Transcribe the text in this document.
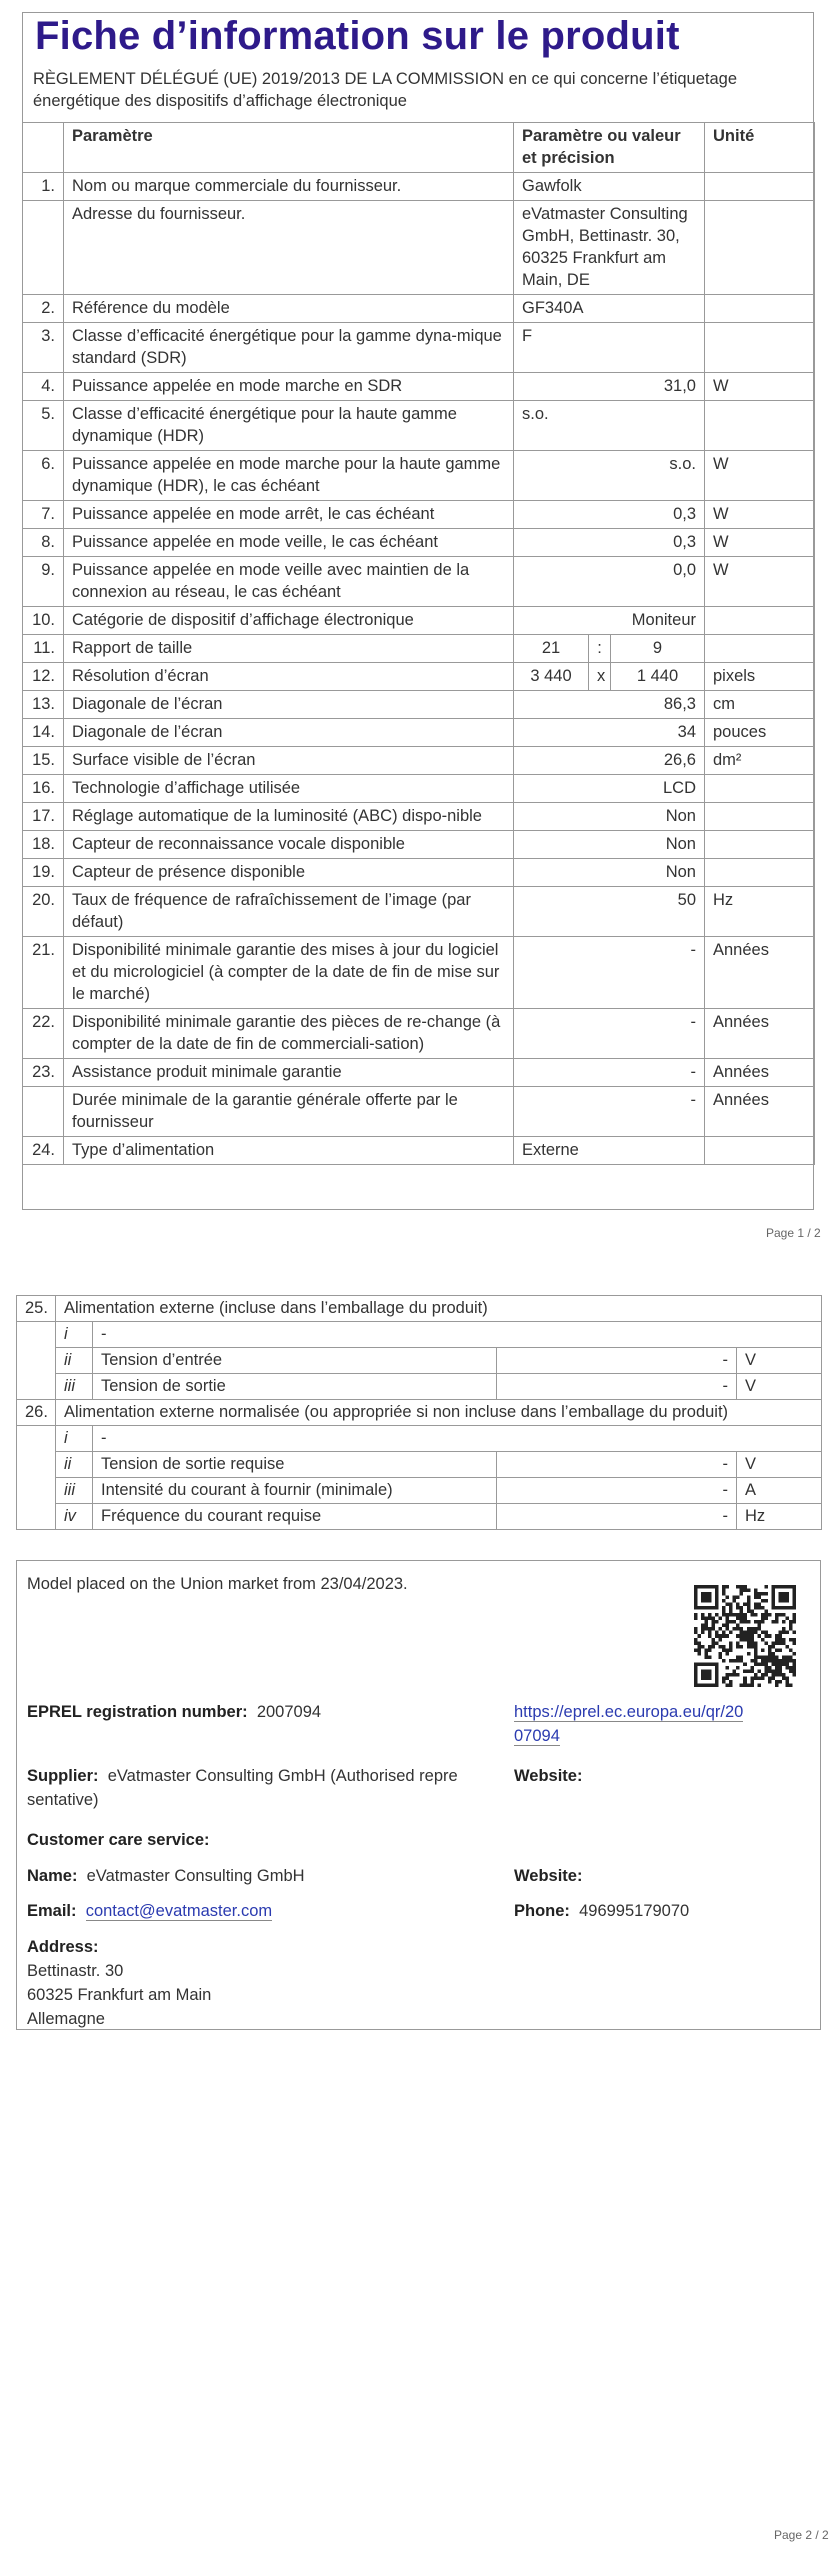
Fiche d’information sur le produit

RÈGLEMENT DÉLÉGUÉ (UE) 2019/2013 DE LA COMMISSION en ce qui concerne l’étiquetage énergétique des dispositifs d’affichage électronique

	Paramètre	Paramètre ou valeur et précision			Unité
1.	Nom ou marque commerciale du fournisseur.	Gawfolk			
	Adresse du fournisseur.	eVatmaster Consulting GmbH, Bettinastr. 30, 60325 Frankfurt am Main, DE			
2.	Référence du modèle	GF340A			
3.	Classe d’efficacité énergétique pour la gamme dyna-mique standard (SDR)	F			
4.	Puissance appelée en mode marche en SDR	31,0			W
5.	Classe d’efficacité énergétique pour la haute gamme dynamique (HDR)	s.o.			
6.	Puissance appelée en mode marche pour la haute gamme dynamique (HDR), le cas échéant	s.o.			W
7.	Puissance appelée en mode arrêt, le cas échéant	0,3			W
8.	Puissance appelée en mode veille, le cas échéant	0,3			W
9.	Puissance appelée en mode veille avec maintien de la connexion au réseau, le cas échéant	0,0			W
10.	Catégorie de dispositif d’affichage électronique	Moniteur			
11.	Rapport de taille	21	:	9	
12.	Résolution d’écran	3 440	x	1 440	pixels
13.	Diagonale de l’écran	86,3			cm
14.	Diagonale de l’écran	34			pouces
15.	Surface visible de l’écran	26,6			dm²
16.	Technologie d’affichage utilisée	LCD			
17.	Réglage automatique de la luminosité (ABC) dispo-nible	Non			
18.	Capteur de reconnaissance vocale disponible	Non			
19.	Capteur de présence disponible	Non			
20.	Taux de fréquence de rafraîchissement de l’image (par défaut)	50			Hz
21.	Disponibilité minimale garantie des mises à jour du logiciel et du micrologiciel (à compter de la date de fin de mise sur le marché)	-			Années
22.	Disponibilité minimale garantie des pièces de re-change (à compter de la date de fin de commerciali-sation)	-			Années
23.	Assistance produit minimale garantie	-			Années
	Durée minimale de la garantie générale offerte par le fournisseur	-			Années
24.	Type d’alimentation	Externe			
Page 1 / 2
25.	Alimentation externe (incluse dans l’emballage du produit)			
	i	-		
	ii	Tension d’entrée	-	V
	iii	Tension de sortie	-	V
26.	Alimentation externe normalisée (ou appropriée si non incluse dans l’emballage du produit)			
	i	-		
	ii	Tension de sortie requise	-	V
	iii	Intensité du courant à fournir (minimale)	-	A
	iv	Fréquence du courant requise	-	Hz
Model placed on the Union market from 23/04/2023.
EPREL registration number: 2007094	https://eprel.ec.europa.eu/qr/20
07094
Supplier: eVatmaster Consulting GmbH (Authorised repre
sentative)
Website:
Customer care service:
Name: eVatmaster Consulting GmbH	Website:
Email: contact@evatmaster.com	Phone: 496995179070
Address:
Bettinastr. 30
60325 Frankfurt am Main
Allemagne
Page 2 / 2
